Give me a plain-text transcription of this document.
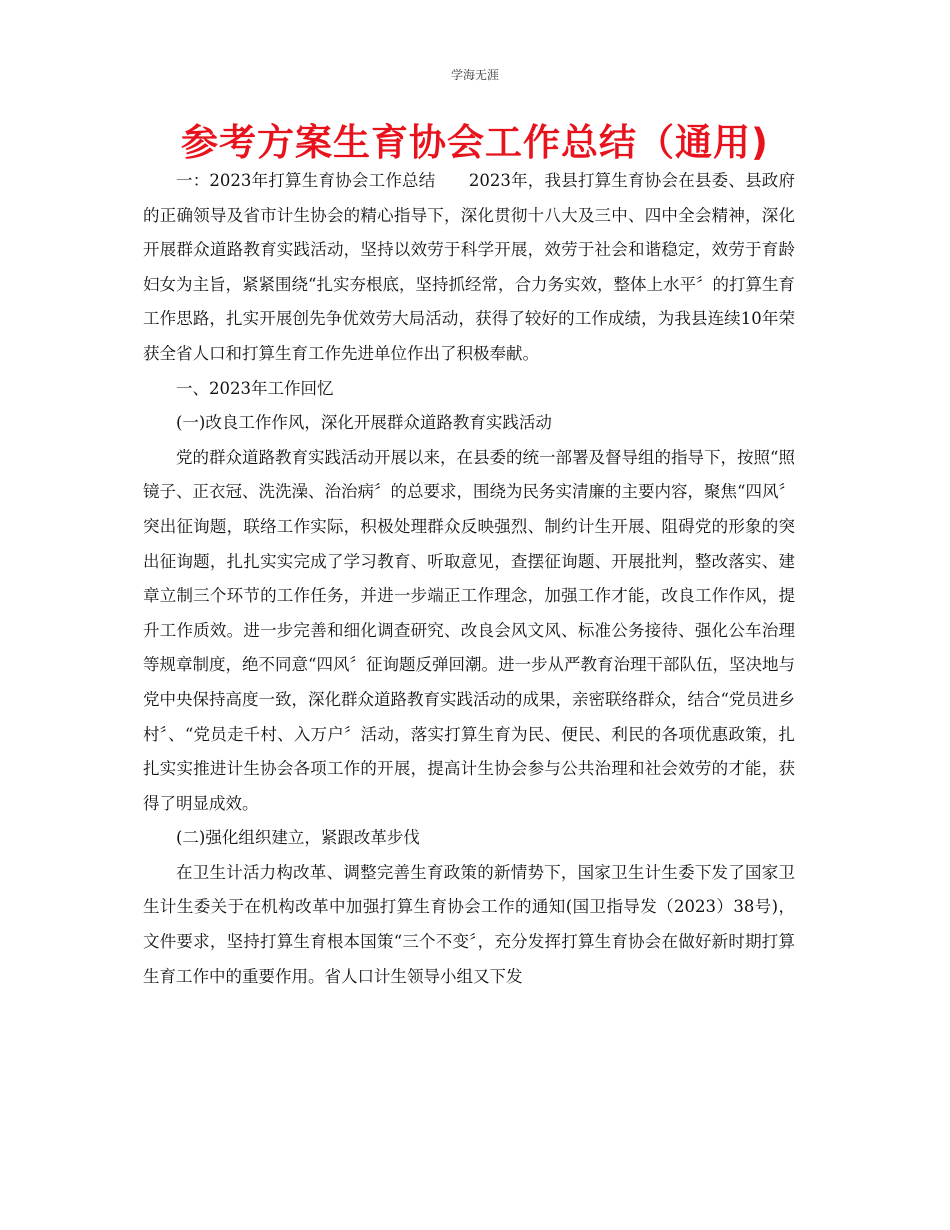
学海无涯
参考方案生育协会工作总结（通用)

一：2023年打算生育协会工作总结　　2023年，我县打算生育协会在县委、县政府的正确领导及省市计生协会的精心指导下，深化贯彻十八大及三中、四中全会精神，深化开展群众道路教育实践活动，坚持以效劳于科学开展，效劳于社会和谐稳定，效劳于育龄妇女为主旨，紧紧围绕“扎实夯根底，坚持抓经常，合力务实效，整体上水平〞的打算生育工作思路，扎实开展创先争优效劳大局活动，获得了较好的工作成绩，为我县连续10年荣获全省人口和打算生育工作先进单位作出了积极奉献。

一、2023年工作回忆

(一)改良工作作风，深化开展群众道路教育实践活动

党的群众道路教育实践活动开展以来，在县委的统一部署及督导组的指导下，按照“照镜子、正衣冠、洗洗澡、治治病〞的总要求，围绕为民务实清廉的主要内容，聚焦“四风〞突出征询题，联络工作实际，积极处理群众反映强烈、制约计生开展、阻碍党的形象的突出征询题，扎扎实实完成了学习教育、听取意见，查摆征询题、开展批判，整改落实、建章立制三个环节的工作任务，并进一步端正工作理念，加强工作才能，改良工作作风，提升工作质效。进一步完善和细化调查研究、改良会风文风、标准公务接待、强化公车治理等规章制度，绝不同意“四风〞征询题反弹回潮。进一步从严教育治理干部队伍，坚决地与党中央保持高度一致，深化群众道路教育实践活动的成果，亲密联络群众，结合“党员进乡村〞、“党员走千村、入万户〞活动，落实打算生育为民、便民、利民的各项优惠政策，扎扎实实推进计生协会各项工作的开展，提高计生协会参与公共治理和社会效劳的才能，获得了明显成效。

(二)强化组织建立，紧跟改革步伐

在卫生计活力构改革、调整完善生育政策的新情势下，国家卫生计生委下发了国家卫生计生委关于在机构改革中加强打算生育协会工作的通知(国卫指导发（2023）38号)，文件要求，坚持打算生育根本国策“三个不变〞，充分发挥打算生育协会在做好新时期打算生育工作中的重要作用。省人口计生领导小组又下发
